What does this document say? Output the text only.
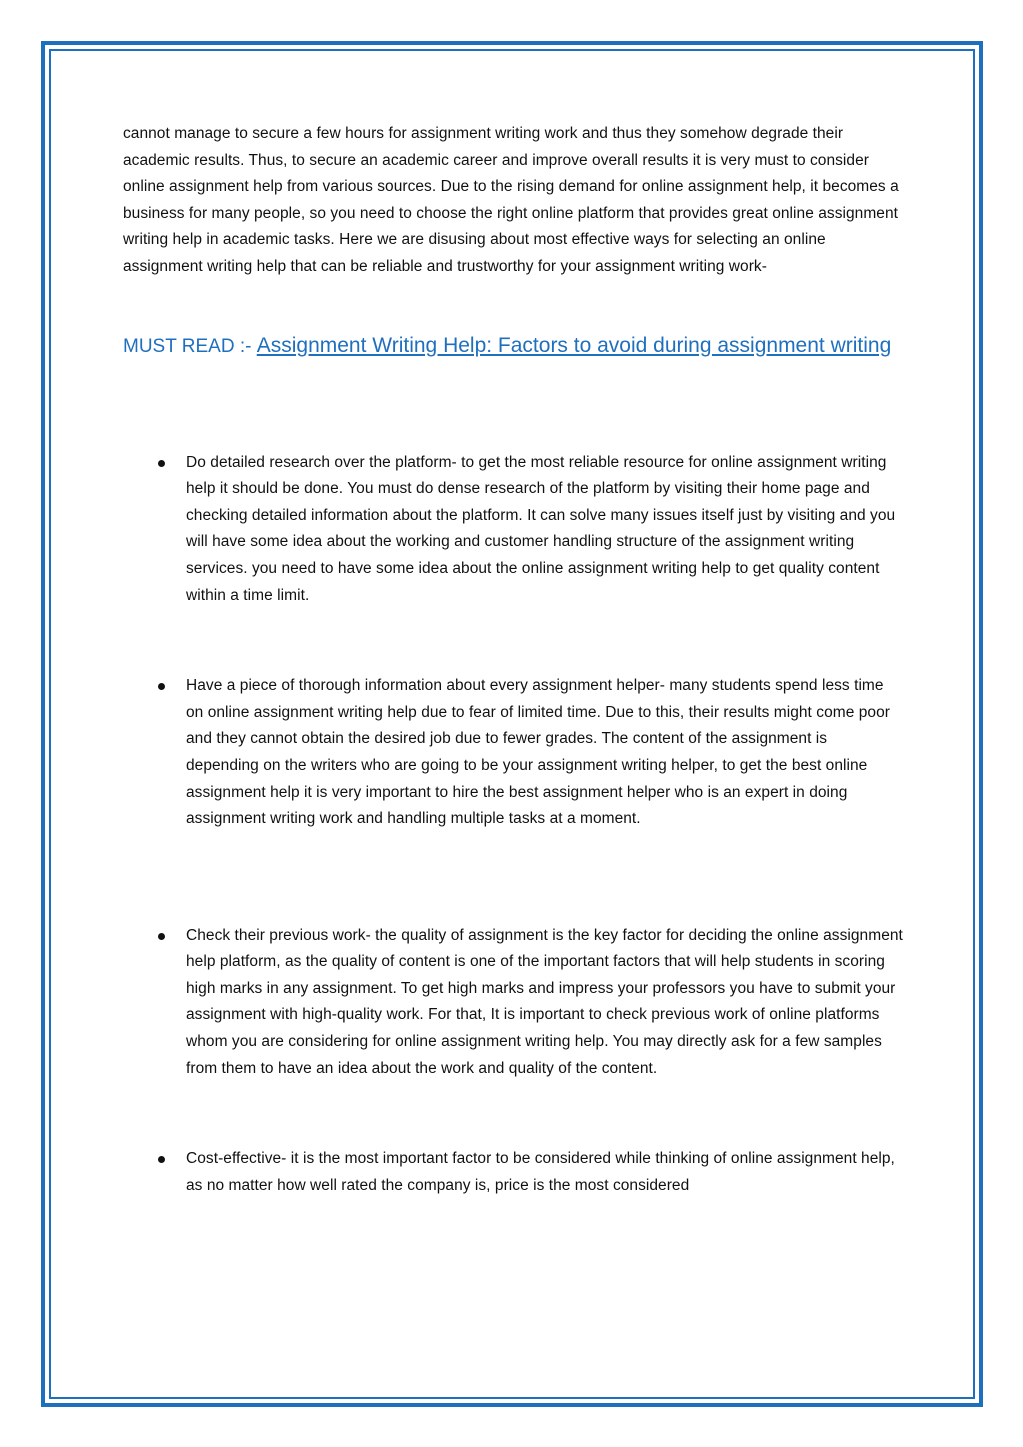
cannot manage to secure a few hours for assignment writing work and thus they somehow degrade their academic results. Thus, to secure an academic career and improve overall results it is very must to consider online assignment help from various sources. Due to the rising demand for online assignment help, it becomes a business for many people, so you need to choose the right online platform that provides great online assignment writing help in academic tasks. Here we are disusing about most effective ways for selecting an online assignment writing help that can be reliable and trustworthy for your assignment writing work-

MUST READ :- Assignment Writing Help: Factors to avoid during assignment writing

Do detailed research over the platform- to get the most reliable resource for online assignment writing help it should be done. You must do dense research of the platform by visiting their home page and checking detailed information about the platform. It can solve many issues itself just by visiting and you will have some idea about the working and customer handling structure of the assignment writing services. you need to have some idea about the online assignment writing help to get quality content within a time limit.

Have a piece of thorough information about every assignment helper- many students spend less time on online assignment writing help due to fear of limited time. Due to this, their results might come poor and they cannot obtain the desired job due to fewer grades. The content of the assignment is depending on the writers who are going to be your assignment writing helper, to get the best online assignment help it is very important to hire the best assignment helper who is an expert in doing assignment writing work and handling multiple tasks at a moment.

Check their previous work- the quality of assignment is the key factor for deciding the online assignment help platform, as the quality of content is one of the important factors that will help students in scoring high marks in any assignment. To get high marks and impress your professors you have to submit your assignment with high-quality work. For that, It is important to check previous work of online platforms whom you are considering for online assignment writing help. You may directly ask for a few samples from them to have an idea about the work and quality of the content.

Cost-effective- it is the most important factor to be considered while thinking of online assignment help, as no matter how well rated the company is, price is the most considered
